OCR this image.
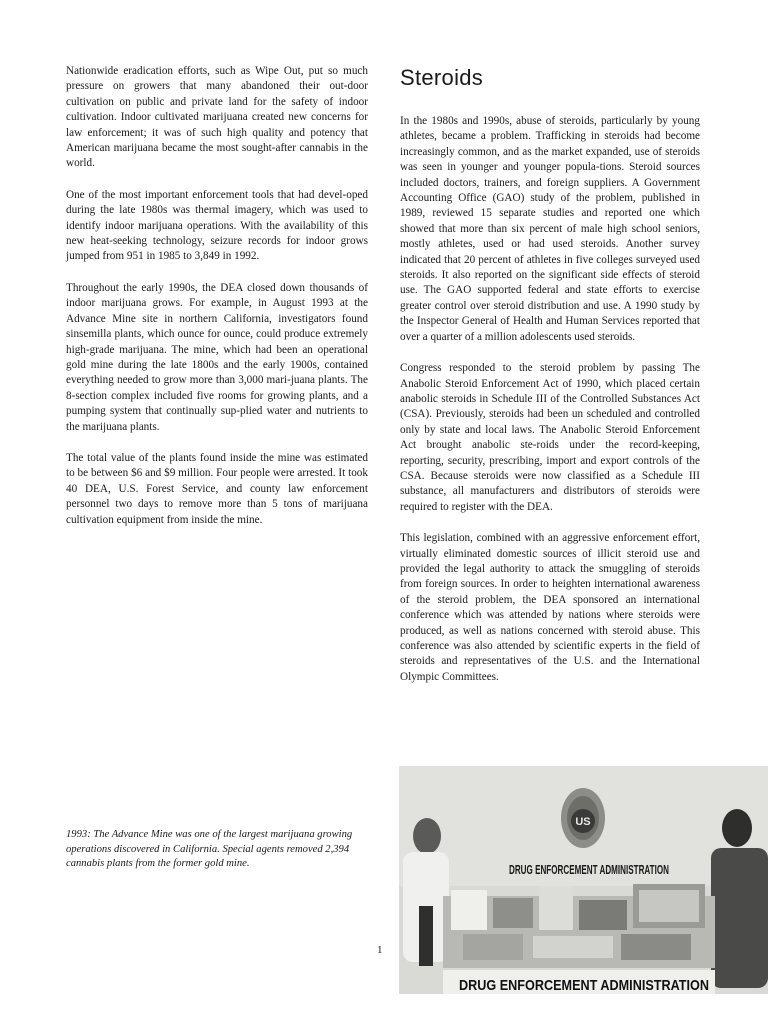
Nationwide eradication efforts, such as Wipe Out, put so much pressure on growers that many abandoned their out-door cultivation on public and private land for the safety of indoor cultivation. Indoor cultivated marijuana created new concerns for law enforcement; it was of such high quality and potency that American marijuana became the most sought-after cannabis in the world.

One of the most important enforcement tools that had devel-oped during the late 1980s was thermal imagery, which was used to identify indoor marijuana operations. With the availability of this new heat-seeking technology, seizure records for indoor grows jumped from 951 in 1985 to 3,849 in 1992.

Throughout the early 1990s, the DEA closed down thousands of indoor marijuana grows. For example, in August 1993 at the Advance Mine site in northern California, investigators found sinsemilla plants, which ounce for ounce, could produce extremely high-grade marijuana. The mine, which had been an operational gold mine during the late 1800s and the early 1900s, contained everything needed to grow more than 3,000 mari-juana plants. The 8-section complex included five rooms for growing plants, and a pumping system that continually sup-plied water and nutrients to the marijuana plants.

The total value of the plants found inside the mine was estimated to be between $6 and $9 million. Four people were arrested. It took 40 DEA, U.S. Forest Service, and county law enforcement personnel two days to remove more than 5 tons of marijuana cultivation equipment from inside the mine.

Steroids

In the 1980s and 1990s, abuse of steroids, particularly by young athletes, became a problem. Trafficking in steroids had become increasingly common, and as the market expanded, use of steroids was seen in younger and younger popula-tions. Steroid sources included doctors, trainers, and foreign suppliers. A Government Accounting Office (GAO) study of the problem, published in 1989, reviewed 15 separate studies and reported one which showed that more than six percent of male high school seniors, mostly athletes, used or had used steroids. Another survey indicated that 20 percent of athletes in five colleges surveyed used steroids. It also reported on the significant side effects of steroid use. The GAO supported federal and state efforts to exercise greater control over steroid distribution and use. A 1990 study by the Inspector General of Health and Human Services reported that over a quarter of a million adolescents used steroids.

Congress responded to the steroid problem by passing The Anabolic Steroid Enforcement Act of 1990, which placed certain anabolic steroids in Schedule III of the Controlled Substances Act (CSA). Previously, steroids had been un scheduled and controlled only by state and local laws. The Anabolic Steroid Enforcement Act brought anabolic ste-roids under the record-keeping, reporting, security, prescribing, import and export controls of the CSA. Because steroids were now classified as a Schedule III substance, all manufacturers and distributors of steroids were required to register with the DEA.

This legislation, combined with an aggressive enforcement effort, virtually eliminated domestic sources of illicit steroid use and provided the legal authority to attack the smuggling of steroids from foreign sources. In order to heighten international awareness of the steroid problem, the DEA sponsored an international conference which was attended by nations where steroids were produced, as well as nations concerned with steroid abuse. This conference was also attended by scientific experts in the field of steroids and representatives of the U.S. and the International Olympic Committees.

1993: The Advance Mine was one of the largest marijuana growing operations discovered in California. Special agents removed 2,394 cannabis plants from the former gold mine.
1
US
DRUG ENFORCEMENT ADMINISTRATION
DRUG ENFORCEMENT ADMINISTRATION
